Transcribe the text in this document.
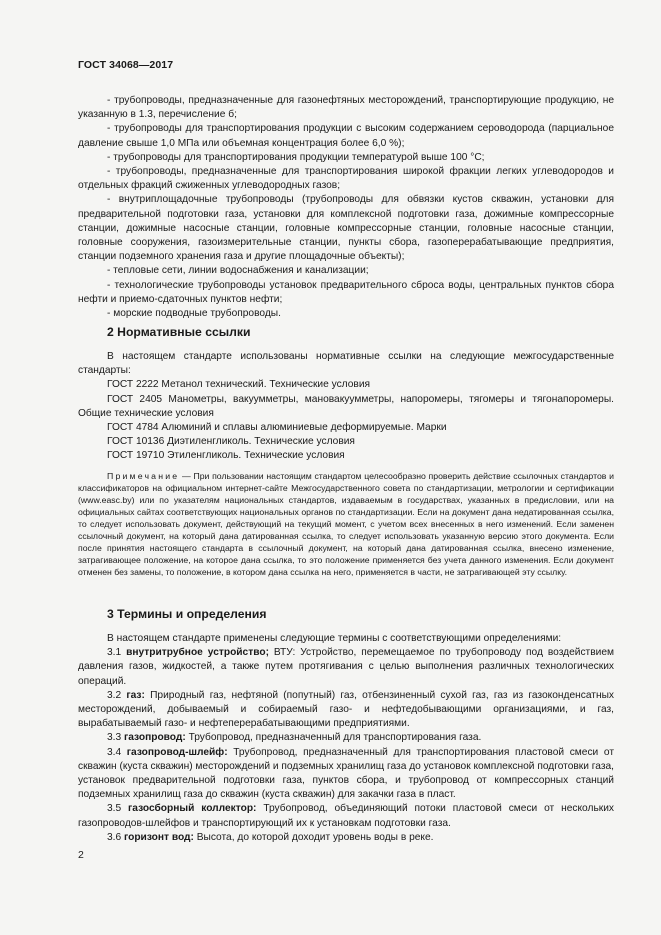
ГОСТ 34068—2017

- трубопроводы, предназначенные для газонефтяных месторождений, транспортирующие продукцию, не указанную в 1.3, перечисление б;

- трубопроводы для транспортирования продукции с высоким содержанием сероводорода (парциальное давление свыше 1,0 МПа или объемная концентрация более 6,0 %);

- трубопроводы для транспортирования продукции температурой выше 100 °С;

- трубопроводы, предназначенные для транспортирования широкой фракции легких углеводородов и отдельных фракций сжиженных углеводородных газов;

- внутриплощадочные трубопроводы (трубопроводы для обвязки кустов скважин, установки для предварительной подготовки газа, установки для комплексной подготовки газа, дожимные компрессорные станции, дожимные насосные станции, головные компрессорные станции, головные насосные станции, головные сооружения, газоизмерительные станции, пункты сбора, газоперерабатывающие предприятия, станции подземного хранения газа и другие площадочные объекты);

- тепловые сети, линии водоснабжения и канализации;

- технологические трубопроводы установок предварительного сброса воды, центральных пунктов сбора нефти и приемо-сдаточных пунктов нефти;

- морские подводные трубопроводы.

2 Нормативные ссылки

В настоящем стандарте использованы нормативные ссылки на следующие межгосударственные стандарты:

ГОСТ 2222 Метанол технический. Технические условия

ГОСТ 2405 Манометры, вакуумметры, мановакуумметры, напоромеры, тягомеры и тягонапоромеры. Общие технические условия

ГОСТ 4784 Алюминий и сплавы алюминиевые деформируемые. Марки

ГОСТ 10136 Диэтиленгликоль. Технические условия

ГОСТ 19710 Этиленгликоль. Технические условия

Примечание — При пользовании настоящим стандартом целесообразно проверить действие ссылочных стандартов и классификаторов на официальном интернет-сайте Межгосударственного совета по стандартизации, метрологии и сертификации (www.easc.by) или по указателям национальных стандартов, издаваемым в государствах, указанных в предисловии, или на официальных сайтах соответствующих национальных органов по стандартизации. Если на документ дана недатированная ссылка, то следует использовать документ, действующий на текущий момент, с учетом всех внесенных в него изменений. Если заменен ссылочный документ, на который дана датированная ссылка, то следует использовать указанную версию этого документа. Если после принятия настоящего стандарта в ссылочный документ, на который дана датированная ссылка, внесено изменение, затрагивающее положение, на которое дана ссылка, то это положение применяется без учета данного изменения. Если документ отменен без замены, то положение, в котором дана ссылка на него, применяется в части, не затрагивающей эту ссылку.

3 Термины и определения

В настоящем стандарте применены следующие термины с соответствующими определениями:

3.1 внутритрубное устройство; ВТУ: Устройство, перемещаемое по трубопроводу под воздействием давления газов, жидкостей, а также путем протягивания с целью выполнения различных технологических операций.

3.2 газ: Природный газ, нефтяной (попутный) газ, отбензиненный сухой газ, газ из газоконденсатных месторождений, добываемый и собираемый газо- и нефтедобывающими организациями, и газ, вырабатываемый газо- и нефтеперерабатывающими предприятиями.

3.3 газопровод: Трубопровод, предназначенный для транспортирования газа.

3.4 газопровод-шлейф: Трубопровод, предназначенный для транспортирования пластовой смеси от скважин (куста скважин) месторождений и подземных хранилищ газа до установок комплексной подготовки газа, установок предварительной подготовки газа, пунктов сбора, и трубопровод от компрессорных станций подземных хранилищ газа до скважин (куста скважин) для закачки газа в пласт.

3.5 газосборный коллектор: Трубопровод, объединяющий потоки пластовой смеси от нескольких газопроводов-шлейфов и транспортирующий их к установкам подготовки газа.

3.6 горизонт вод: Высота, до которой доходит уровень воды в реке.

2
